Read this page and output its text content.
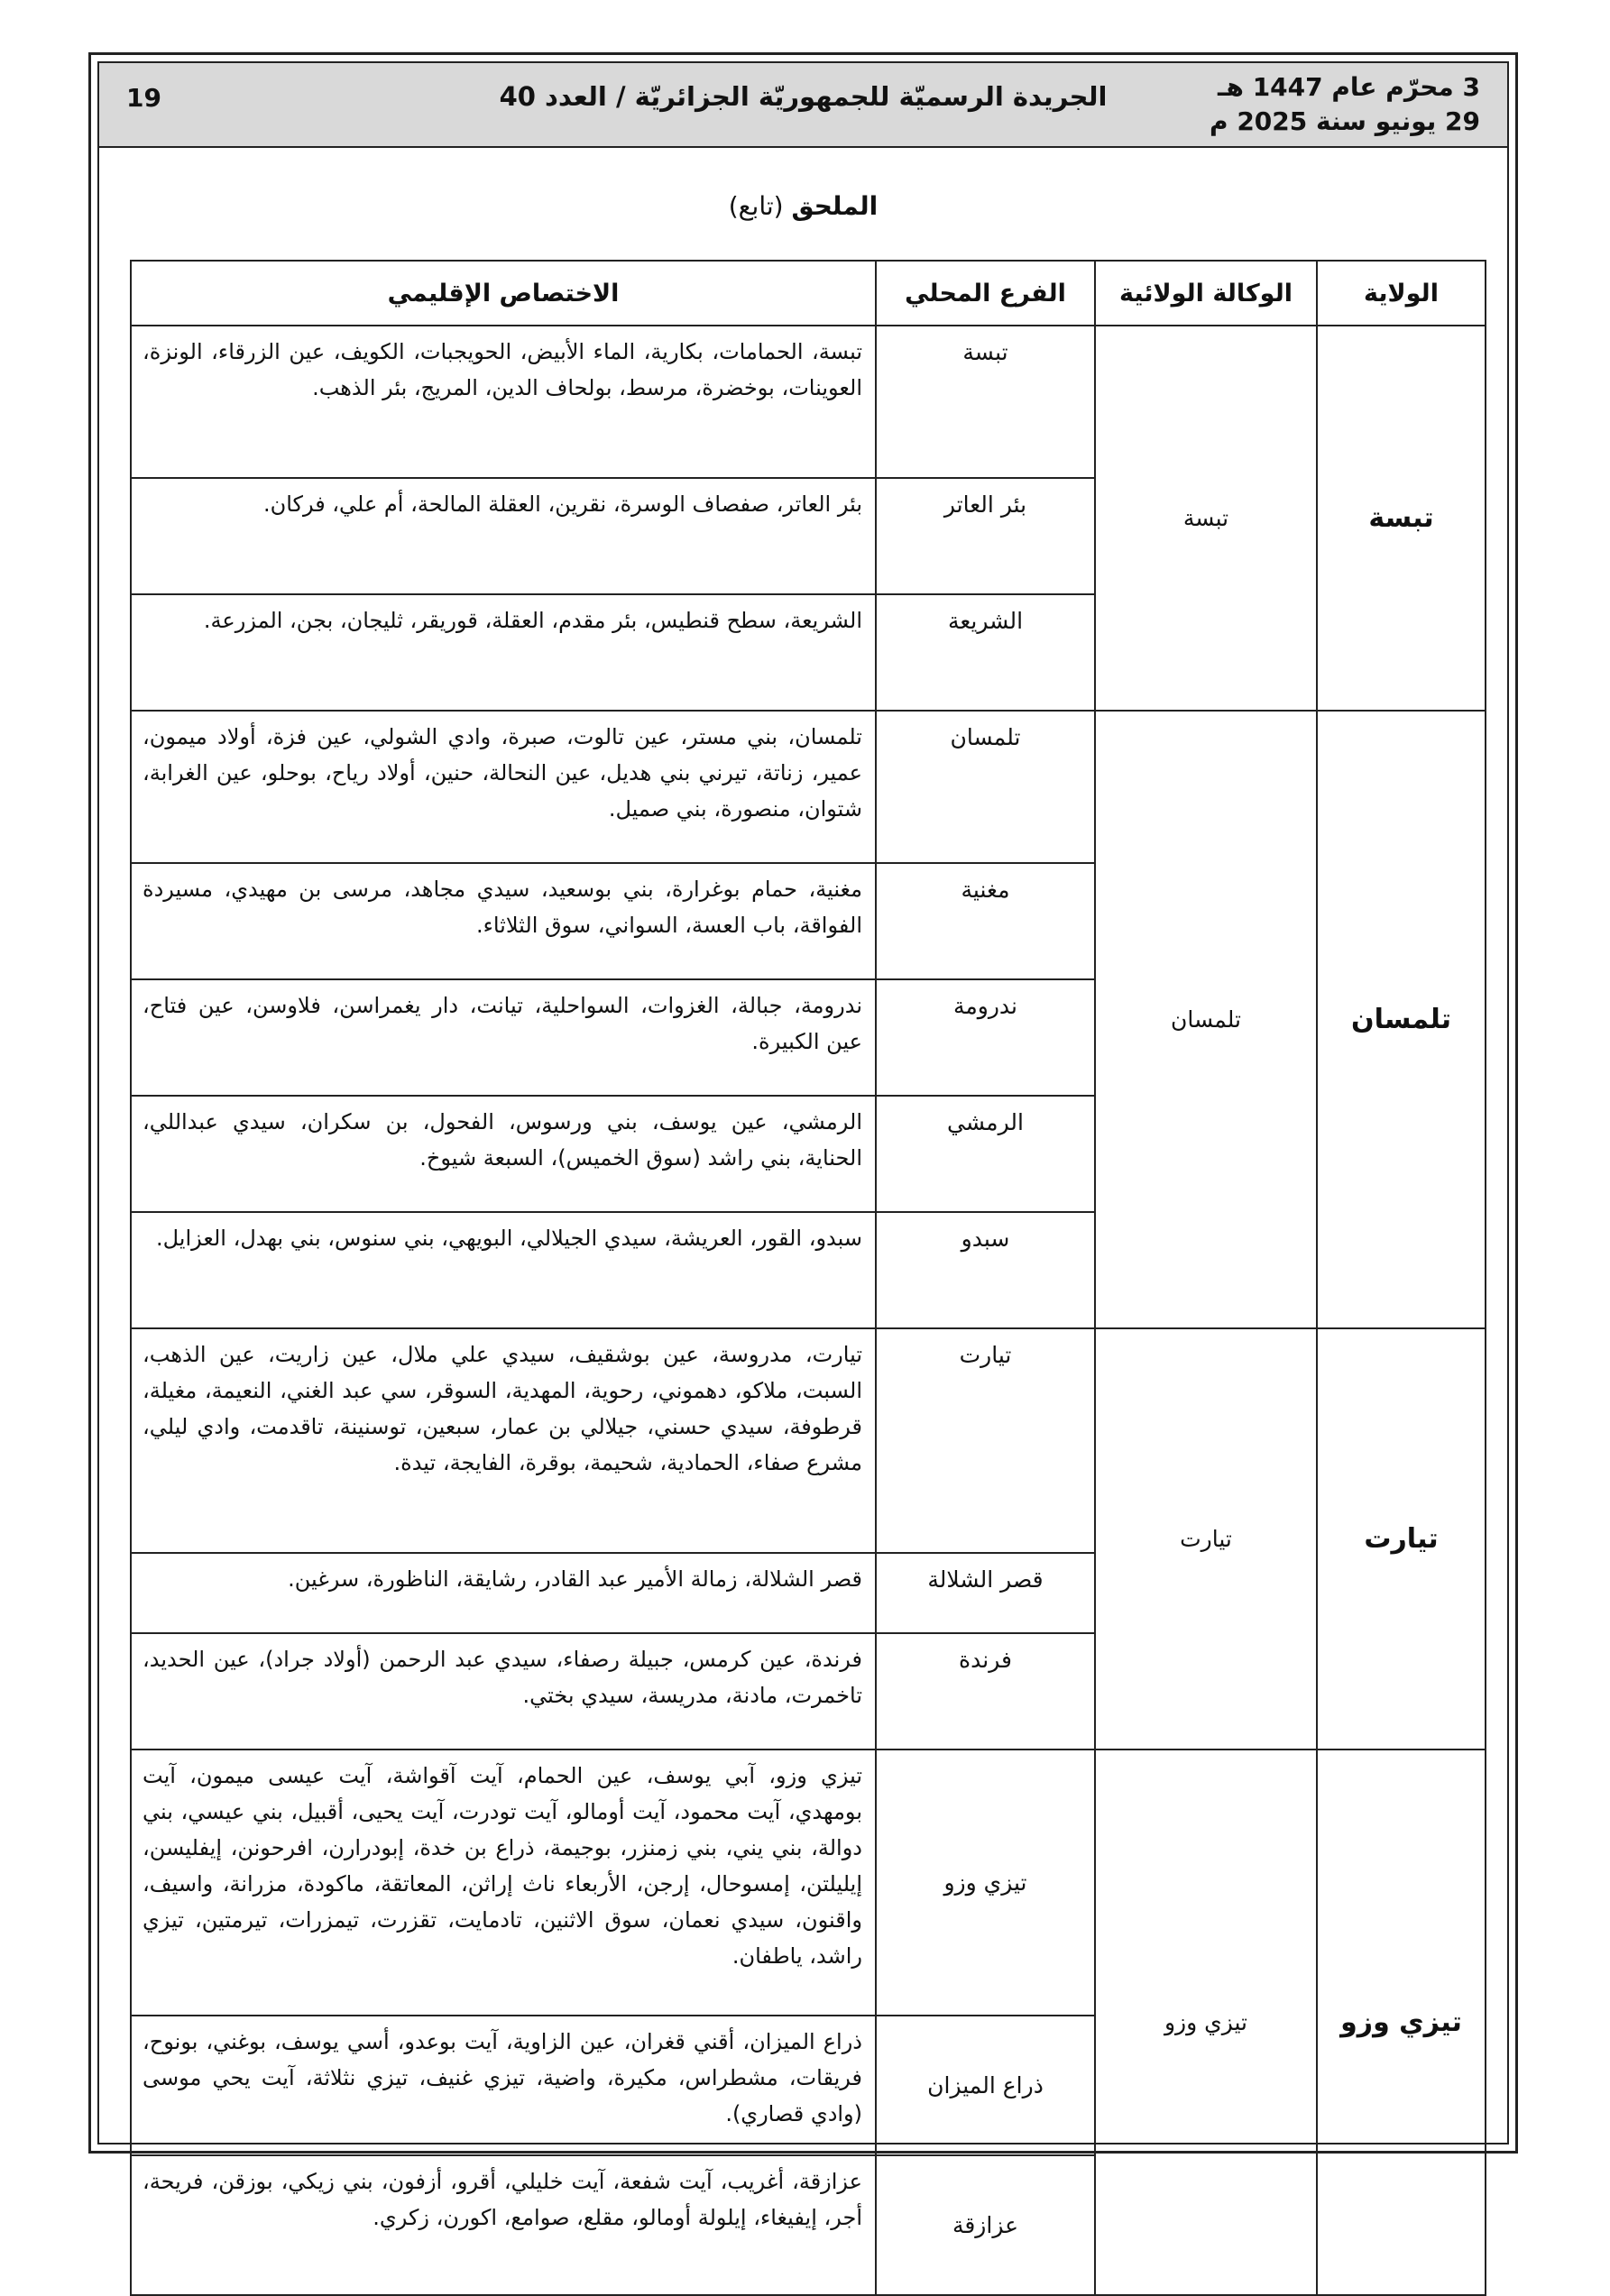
3 محرّم عام 1447 هـ
29 يونيو سنة 2025 م
الجريدة الرسميّة للجمهوريّة الجزائريّة / العدد 40
19
الملحق (تابع)
الولاية	الوكالة الولائية	الفرع المحلي	الاختصاص الإقليمي
تبسة	تبسة	تبسة	تبسة، الحمامات، بكارية، الماء الأبيض، الحويجبات، الكويف، عين الزرقاء، الونزة، العوينات، بوخضرة، مرسط، بولحاف الدين، المريج، بئر الذهب.
		بئر العاتر	بئر العاتر، صفصاف الوسرة، نقرين، العقلة المالحة، أم علي، فركان.
		الشريعة	الشريعة، سطح قنطيس، بئر مقدم، العقلة، قوريقر، ثليجان، بجن، المزرعة.
تلمسان	تلمسان	تلمسان	تلمسان، بني مستر، عين تالوت، صبرة، وادي الشولي، عين فزة، أولاد ميمون، عمير، زناتة، تيرني بني هديل، عين النحالة، حنين، أولاد رياح، بوحلو، عين الغرابة، شتوان، منصورة، بني صميل.
		مغنية	مغنية، حمام بوغرارة، بني بوسعيد، سيدي مجاهد، مرسى بن مهيدي، مسيردة الفواقة، باب العسة، السواني، سوق الثلاثاء.
		ندرومة	ندرومة، جبالة، الغزوات، السواحلية، تيانت، دار يغمراسن، فلاوسن، عين فتاح، عين الكبيرة.
		الرمشي	الرمشي، عين يوسف، بني ورسوس، الفحول، بن سكران، سيدي عبداللي، الحناية، بني راشد (سوق الخميس)، السبعة شيوخ.
		سبدو	سبدو، القور، العريشة، سيدي الجيلالي، البويهي، بني سنوس، بني بهدل، العزايل.
تيارت	تيارت	تيارت	تيارت، مدروسة، عين بوشقيف، سيدي علي ملال، عين زاريت، عين الذهب، السبت، ملاكو، دهموني، رحوية، المهدية، السوقر، سي عبد الغني، النعيمة، مغيلة، قرطوفة، سيدي حسني، جيلالي بن عمار، سبعين، توسنينة، تاقدمت، وادي ليلي، مشرع صفاء، الحمادية، شحيمة، بوقرة، الفايجة، تيدة.
		قصر الشلالة	قصر الشلالة، زمالة الأمير عبد القادر، رشايقة، الناظورة، سرغين.
		فرندة	فرندة، عين كرمس، جبيلة رصفاء، سيدي عبد الرحمن (أولاد جراد)، عين الحديد، تاخمرت، مادنة، مدريسة، سيدي بختي.
تيزي وزو	تيزي وزو	تيزي وزو	تيزي وزو، آبي يوسف، عين الحمام، آيت آقواشة، آيت عيسى ميمون، آيت بومهدي، آيت محمود، آيت أومالو، آيت تودرت، آيت يحيى، أقبيل، بني عيسي، بني دوالة، بني يني، بني زمنزر، بوجيمة، ذراع بن خدة، إبودرارن، افرحونن، إيفليسن، إيليلتن، إمسوحال، إرجن، الأربعاء ناث إراثن، المعاتقة، ماكودة، مزرانة، واسيف، واقنون، سيدي نعمان، سوق الاثنين، تادمايت، تقزرت، تيمزرات، تيرمتين، تيزي راشد، ياطفان.
		ذراع الميزان	ذراع الميزان، أقني قغران، عين الزاوية، آيت بوعدو، أسي يوسف، بوغني، بونوح، فريقات، مشطراس، مكيرة، واضية، تيزي غنيف، تيزي نثلاثة، آيت يحي موسى (وادي قصاري).
		عزازقة	عزازقة، أغريب، آيت شفعة، آيت خليلي، أقرو، أزفون، بني زيكي، بوزقن، فريحة، أجر، إيفيغاء، إيلولة أومالو، مقلع، صوامع، اكورن، زكري.
